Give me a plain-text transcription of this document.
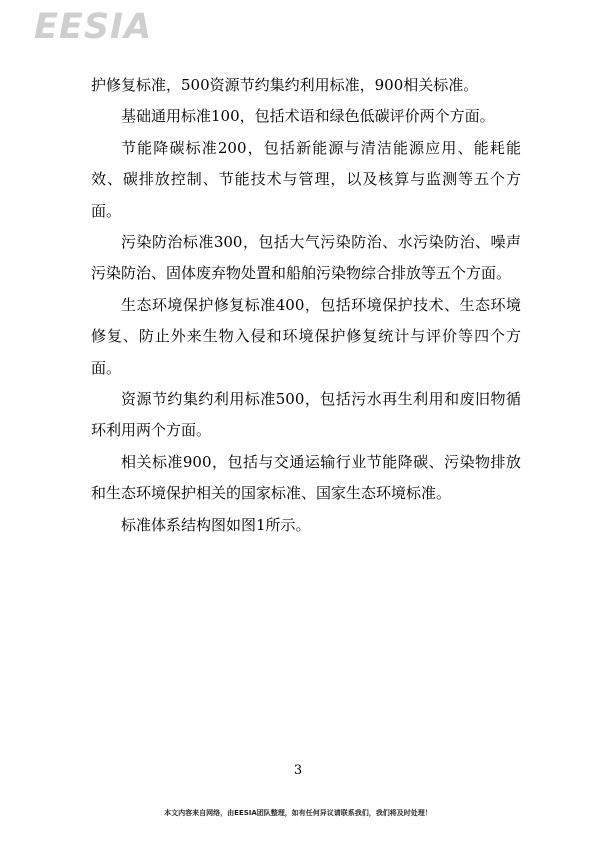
EESIA

护修复标准，500资源节约集约利用标准，900相关标准。

基础通用标准100，包括术语和绿色低碳评价两个方面。

节能降碳标准200，包括新能源与清洁能源应用、能耗能效、碳排放控制、节能技术与管理，以及核算与监测等五个方面。

污染防治标准300，包括大气污染防治、水污染防治、噪声污染防治、固体废弃物处置和船舶污染物综合排放等五个方面。

生态环境保护修复标准400，包括环境保护技术、生态环境修复、防止外来生物入侵和环境保护修复统计与评价等四个方面。

资源节约集约利用标准500，包括污水再生利用和废旧物循环利用两个方面。

相关标准900，包括与交通运输行业节能降碳、污染物排放和生态环境保护相关的国家标准、国家生态环境标准。

标准体系结构图如图1所示。

3
本文内容来自网络，由EESIA团队整理，如有任何异议请联系我们，我们将及时处理！
